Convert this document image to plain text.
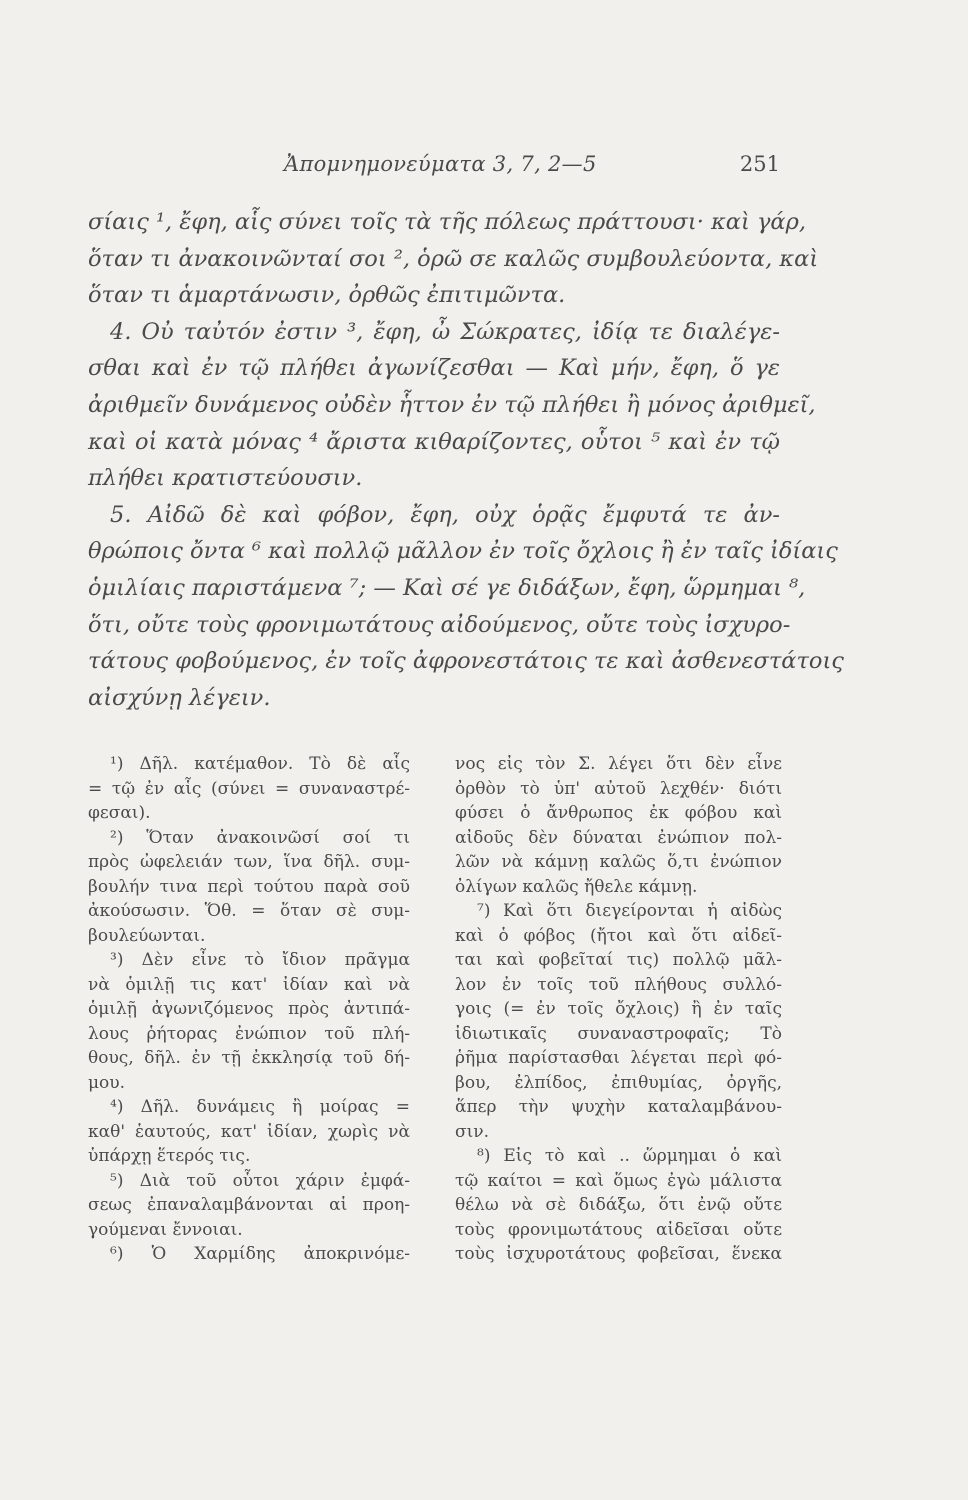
Ἀπομνημονεύματα 3, 7, 2—5	251
σίαις ¹, ἔφη, αἷς σύνει τοῖς τὰ τῆς πόλεως πράττουσι· καὶ γάρ,
ὅταν τι ἀνακοινῶνταί σοι ², ὁρῶ σε καλῶς συμβουλεύοντα, καὶ
ὅταν τι ἁμαρτάνωσιν, ὀρθῶς ἐπιτιμῶντα.
4. Οὐ ταὐτόν ἐστιν ³, ἔφη, ὦ Σώκρατες, ἰδίᾳ τε διαλέγε-
σθαι καὶ ἐν τῷ πλήθει ἀγωνίζεσθαι — Καὶ μήν, ἔφη, ὅ γε
ἀριθμεῖν δυνάμενος οὐδὲν ἧττον ἐν τῷ πλήθει ἢ μόνος ἀριθμεῖ,
καὶ οἱ κατὰ μόνας ⁴ ἄριστα κιθαρίζοντες, οὗτοι ⁵ καὶ ἐν τῷ
πλήθει κρατιστεύουσιν.
5. Αἰδῶ δὲ καὶ φόβον, ἔφη, οὐχ ὁρᾷς ἔμφυτά τε ἀν-
θρώποις ὄντα ⁶ καὶ πολλῷ μᾶλλον ἐν τοῖς ὄχλοις ἢ ἐν ταῖς ἰδίαις
ὁμιλίαις παριστάμενα ⁷; — Καὶ σέ γε διδάξων, ἔφη, ὥρμημαι ⁸,
ὅτι, οὔτε τοὺς φρονιμωτάτους αἰδούμενος, οὔτε τοὺς ἰσχυρο-
τάτους φοβούμενος, ἐν τοῖς ἀφρονεστάτοις τε καὶ ἀσθενεστάτοις
αἰσχύνῃ λέγειν.
¹) Δῆλ. κατέμαθον. Τὸ δὲ αἷς
= τῷ ἐν αἷς (σύνει = συναναστρέ-
φεσαι).
²) Ὅταν ἀνακοινῶσί σοί τι
πρὸς ὠφελειάν των, ἵνα δῆλ. συμ-
βουλήν τινα περὶ τούτου παρὰ σοῦ
ἀκούσωσιν. Ὅθ. = ὅταν σὲ συμ-
βουλεύωνται.
³) Δὲν εἶνε τὸ ἴδιον πρᾶγμα
νὰ ὁμιλῇ τις κατ' ἰδίαν καὶ νὰ
ὁμιλῇ ἀγωνιζόμενος πρὸς ἀντιπά-
λους ῥήτορας ἐνώπιον τοῦ πλή-
θους, δῆλ. ἐν τῇ ἐκκλησίᾳ τοῦ δή-
μου.
⁴) Δῆλ. δυνάμεις ἢ μοίρας =
καθ' ἑαυτούς, κατ' ἰδίαν, χωρὶς νὰ
ὑπάρχῃ ἕτερός τις.
⁵) Διὰ τοῦ οὗτοι χάριν ἐμφά-
σεως ἐπαναλαμβάνονται αἱ προη-
γούμεναι ἔννοιαι.
⁶) Ὁ Χαρμίδης ἀποκρινόμε-
νος εἰς τὸν Σ. λέγει ὅτι δὲν εἶνε
ὀρθὸν τὸ ὑπ' αὐτοῦ λεχθέν· διότι
φύσει ὁ ἄνθρωπος ἐκ φόβου καὶ
αἰδοῦς δὲν δύναται ἐνώπιον πολ-
λῶν νὰ κάμνῃ καλῶς ὅ,τι ἐνώπιον
ὀλίγων καλῶς ἤθελε κάμνῃ.
⁷) Καὶ ὅτι διεγείρονται ἡ αἰδὼς
καὶ ὁ φόβος (ἤτοι καὶ ὅτι αἰδεῖ-
ται καὶ φοβεῖταί τις) πολλῷ μᾶλ-
λον ἐν τοῖς τοῦ πλήθους συλλό-
γοις (= ἐν τοῖς ὄχλοις) ἢ ἐν ταῖς
ἰδιωτικαῖς συναναστροφαῖς; Τὸ
ῥῆμα παρίστασθαι λέγεται περὶ φό-
βου, ἐλπίδος, ἐπιθυμίας, ὀργῆς,
ἅπερ τὴν ψυχὴν καταλαμβάνου-
σιν.
⁸) Εἰς τὸ καὶ .. ὥρμημαι ὁ καὶ
τῷ καίτοι = καὶ ὅμως ἐγὼ μάλιστα
θέλω νὰ σὲ διδάξω, ὅτι ἐνῷ οὔτε
τοὺς φρονιμωτάτους αἰδεῖσαι οὔτε
τοὺς ἰσχυροτάτους φοβεῖσαι, ἕνεκα
